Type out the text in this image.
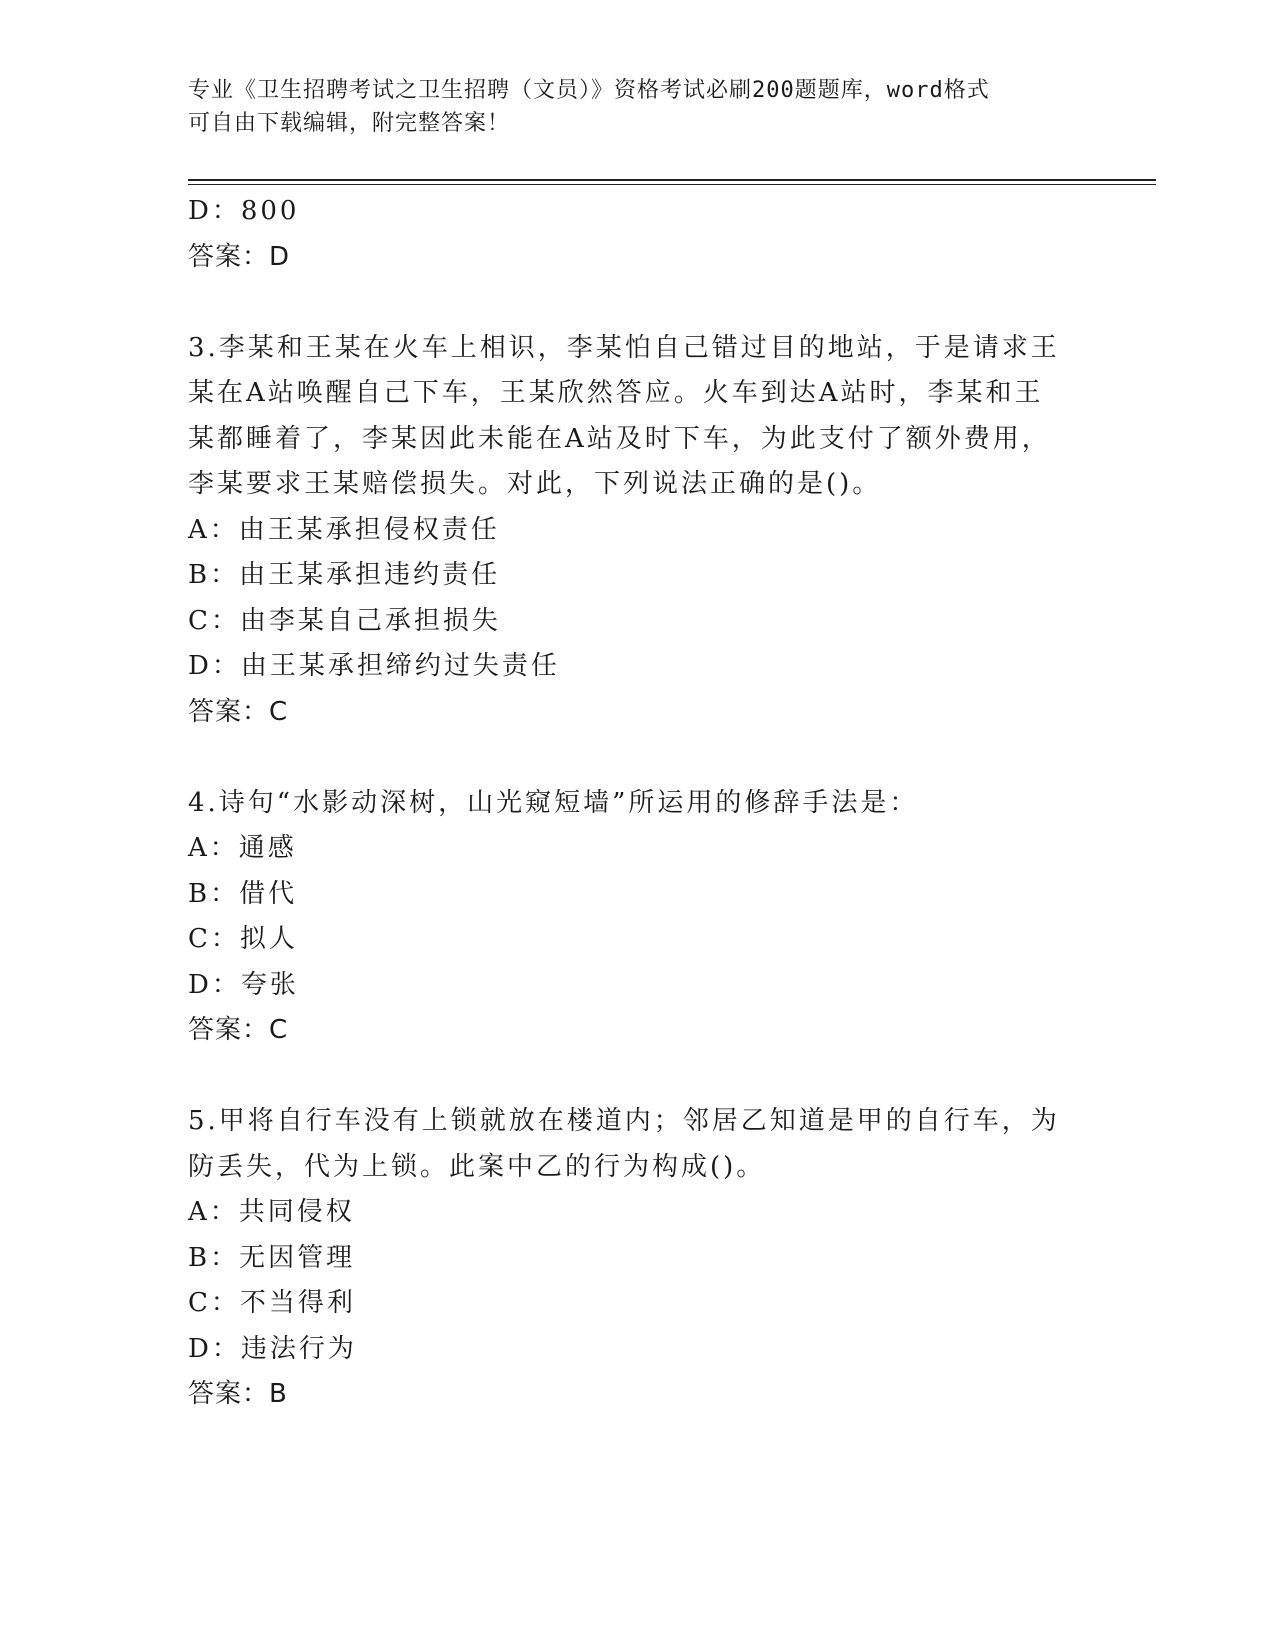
专业《卫生招聘考试之卫生招聘（文员）》资格考试必刷200题题库，word格式
可自由下载编辑，附完整答案！
D：800
答案：D
3.李某和王某在火车上相识，李某怕自己错过目的地站，于是请求王
某在A站唤醒自己下车，王某欣然答应。火车到达A站时，李某和王
某都睡着了，李某因此未能在A站及时下车，为此支付了额外费用，
李某要求王某赔偿损失。对此，下列说法正确的是()。
A：由王某承担侵权责任
B：由王某承担违约责任
C：由李某自己承担损失
D：由王某承担缔约过失责任
答案：C
4.诗句“水影动深树，山光窥短墙”所运用的修辞手法是：
A：通感
B：借代
C：拟人
D：夸张
答案：C
5.甲将自行车没有上锁就放在楼道内；邻居乙知道是甲的自行车，为
防丢失，代为上锁。此案中乙的行为构成()。
A：共同侵权
B：无因管理
C：不当得利
D：违法行为
答案：B
